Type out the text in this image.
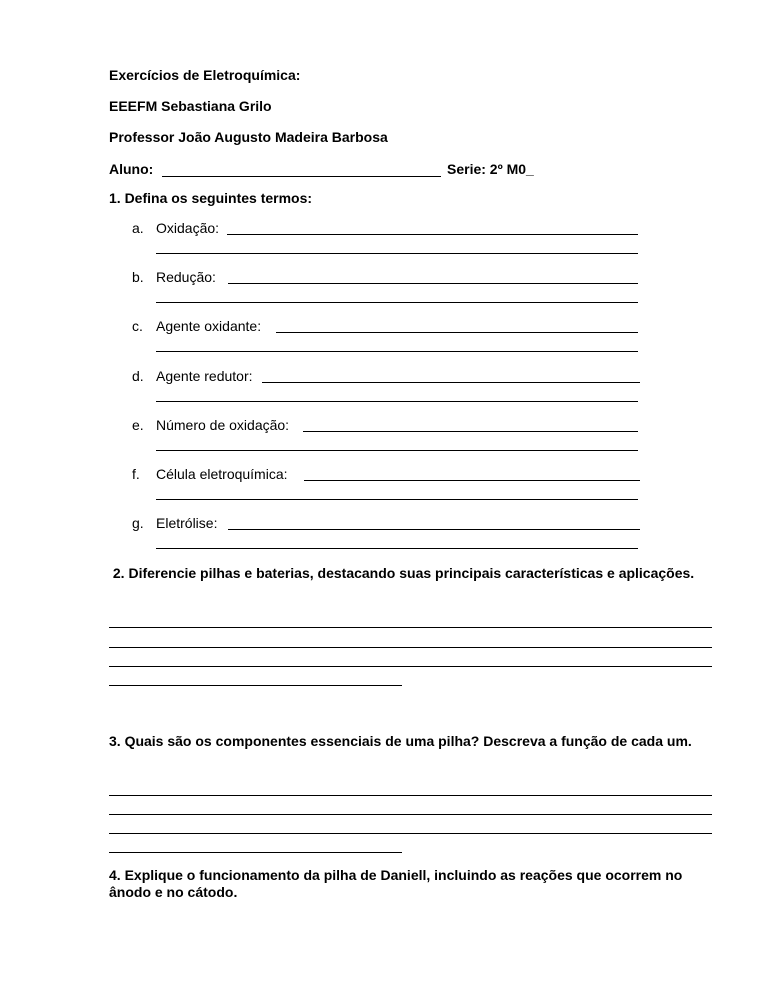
Exercícios de Eletroquímica:
EEEFM Sebastiana Grilo
Professor João Augusto Madeira Barbosa
Aluno:	Serie: 2º M0_
1. Defina os seguintes termos:
a. Oxidação:
b. Redução:
c. Agente oxidante:
d. Agente redutor:
e. Número de oxidação:
f. Célula eletroquímica:
g. Eletrólise:
2. Diferencie pilhas e baterias, destacando suas principais características e aplicações.
3. Quais são os componentes essenciais de uma pilha? Descreva a função de cada um.
4. Explique o funcionamento da pilha de Daniell, incluindo as reações que ocorrem no ânodo e no cátodo.
